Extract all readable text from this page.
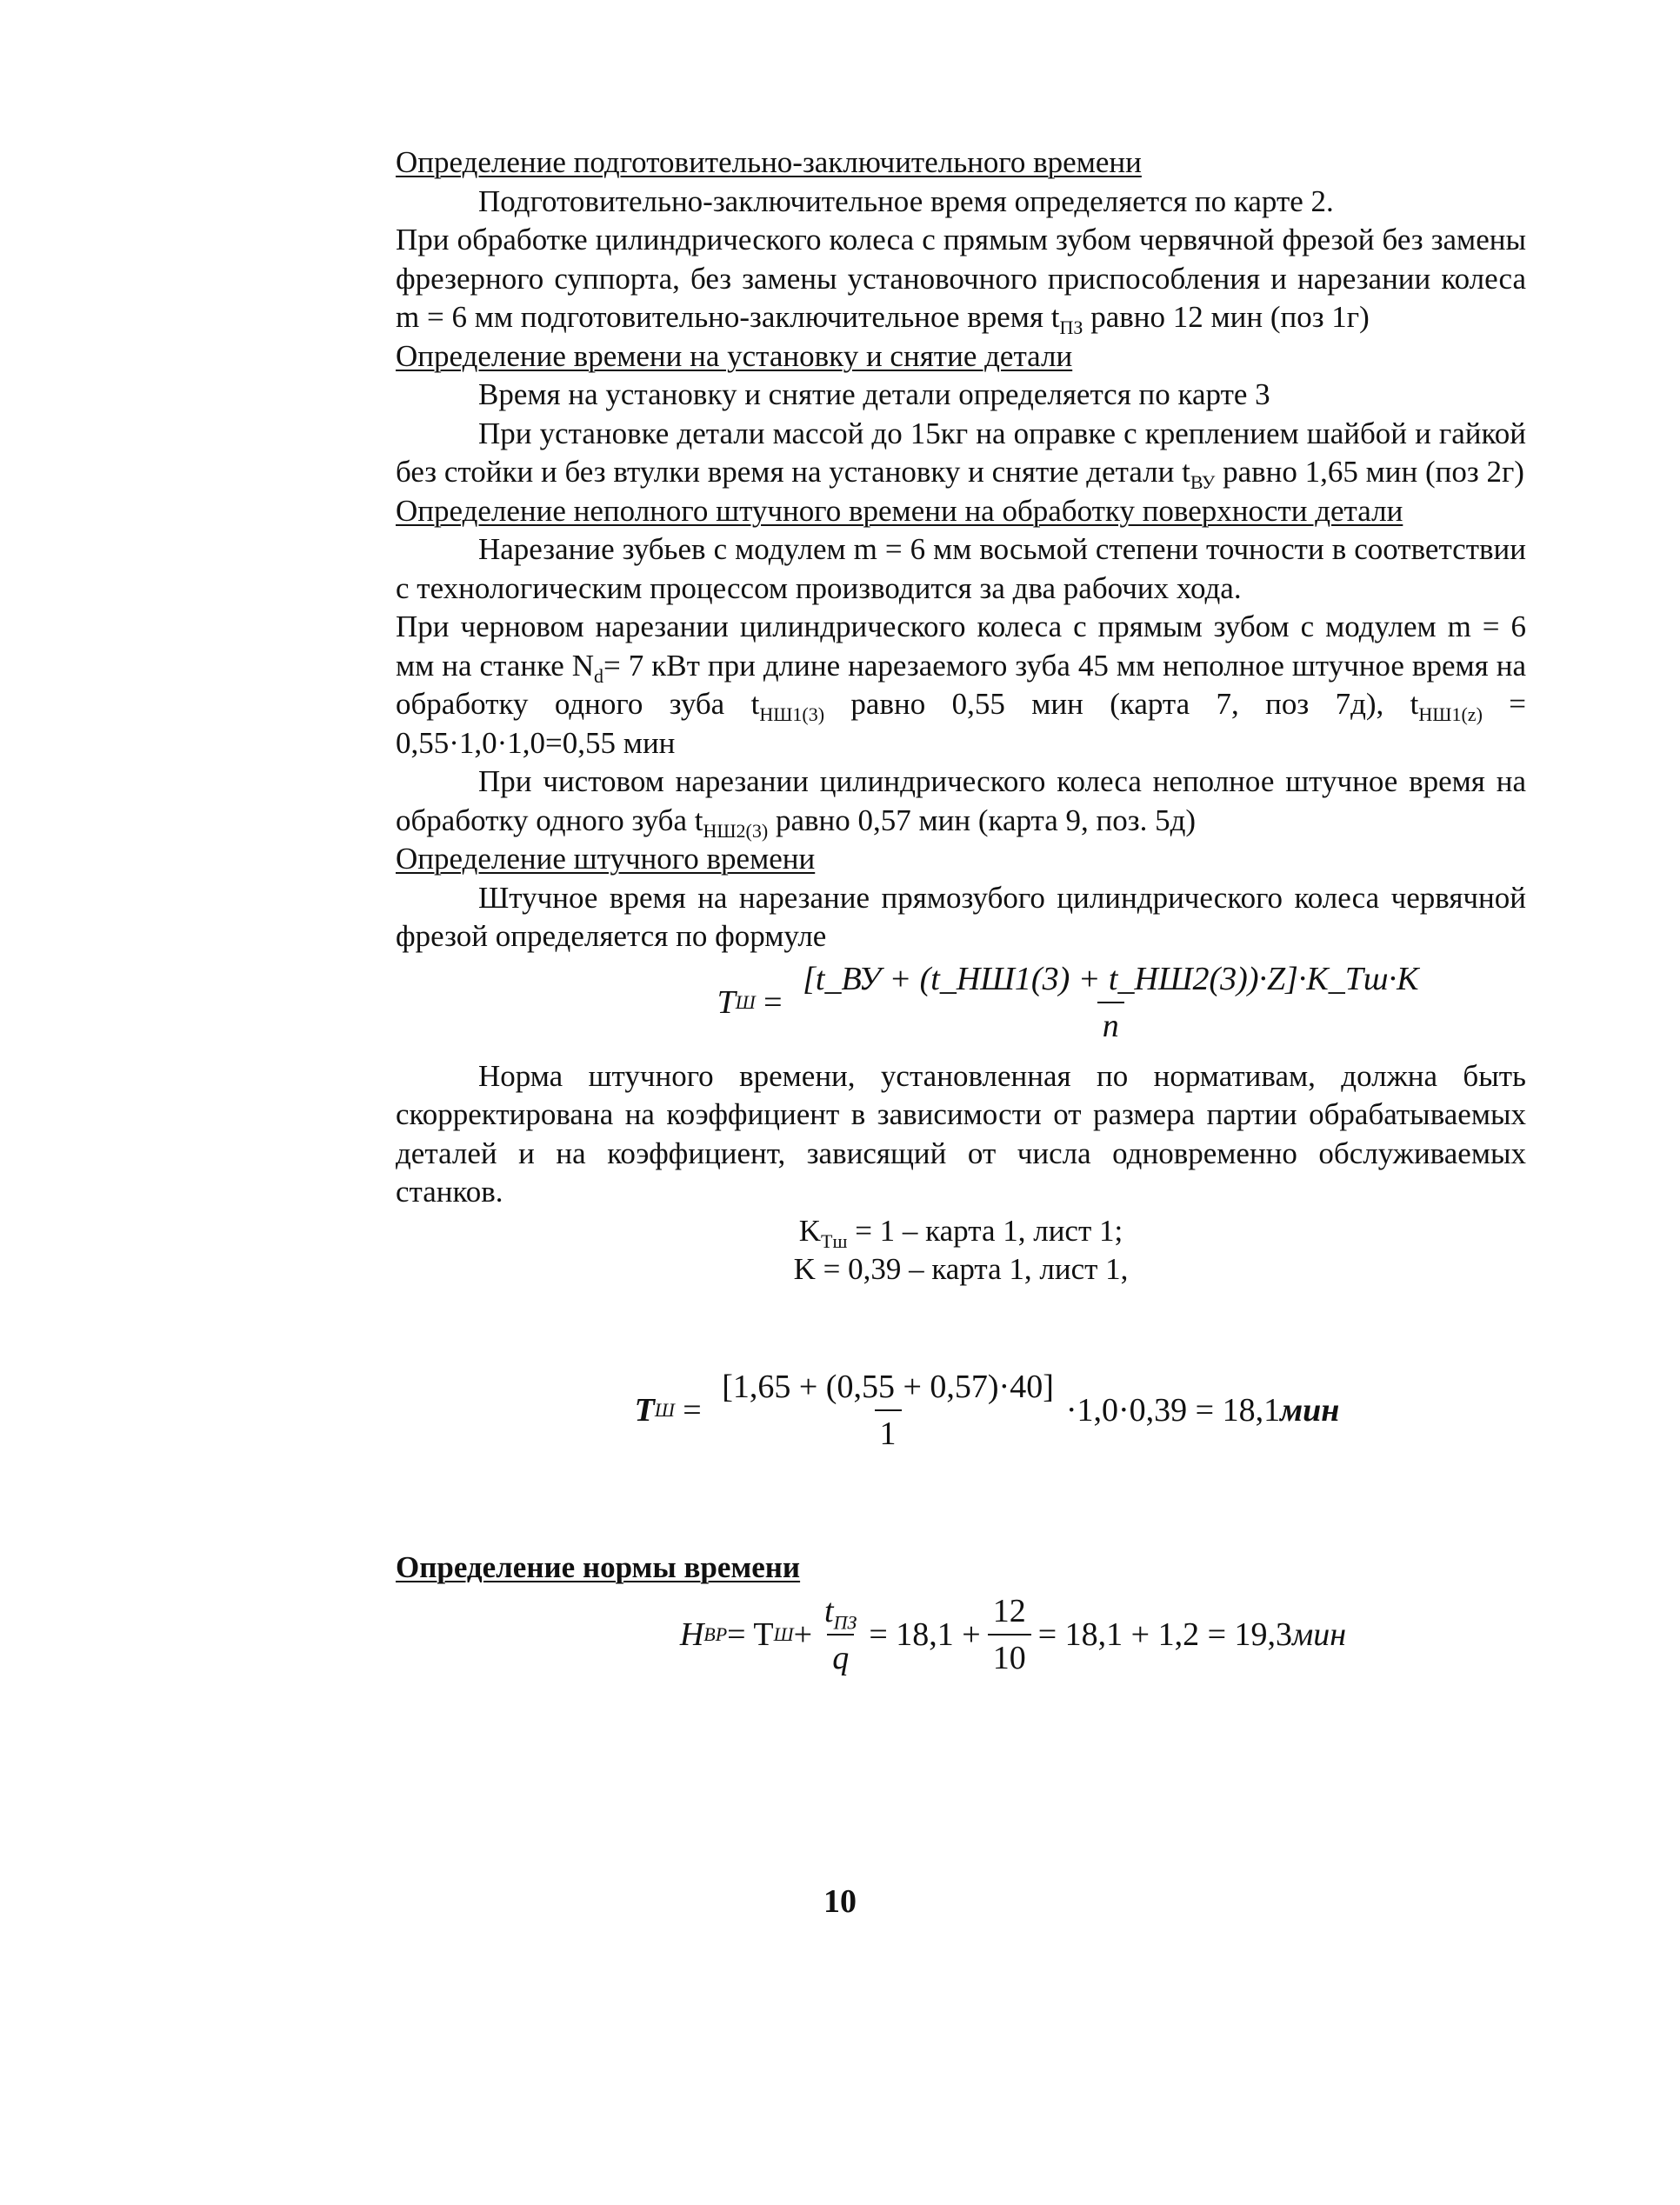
Определение подготовительно-заключительного времени

Подготовительно-заключительное время определяется по карте 2.

При обработке цилиндрического колеса с прямым зубом червячной фрезой без замены фрезерного суппорта, без замены установочного приспособления и нарезании колеса m = 6 мм подготовительно-заключительное время $t_{ПЗ}$ равно 12 мин (поз 1г)

Определение времени на установку и снятие детали

Время на установку и снятие детали определяется по карте 3

При установке детали массой до 15кг на оправке с креплением шайбой и гайкой без стойки и без втулки время на установку и снятие детали $t_{ВУ}$ равно 1,65 мин (поз 2г)

Определение неполного штучного времени на обработку поверхности детали

Нарезание зубьев с модулем m = 6 мм восьмой степени точности в соответствии с технологическим процессом производится за два рабочих хода.

При черновом нарезании цилиндрического колеса с прямым зубом с модулем m = 6 мм на станке $N_d= 7$ кВт при длине нарезаемого зуба 45 мм неполное штучное время на обработку одного зуба $t_{НШ1(3)}$ равно 0,55 мин (карта 7, поз 7д), $t_{НШ1(z)} = 0,55\cdot 1,0\cdot 1,0=0,55$ мин

При чистовом нарезании цилиндрического колеса неполное штучное время на обработку одного зуба $t_{НШ2(3)}$ равно 0,57 мин (карта 9, поз. 5д)

Определение штучного времени

Штучное время на нарезание прямозубого цилиндрического колеса червячной фрезой определяется по формуле

T $Ш = \frac{[t\_ВУ + (t\_НШ1(3) + t\_НШ2(3))\cdot Z]\cdot K\_Tш\cdot K}{n}$

Норма штучного времени, установленная по нормативам, должна быть скорректирована на коэффициент в зависимости от размера партии обрабатываемых деталей и на коэффициент, зависящий от числа одновременно обслуживаемых станков.

$K_{Тш} = 1$ – карта 1, лист 1;

K = 0,39 – карта 1, лист 1,

T $Ш = \frac{[1,65 + (0,55 + 0,57)\cdot 40]}{1} \cdot 1,0\cdot 0,39 = 18,1$ мин

Определение нормы времени

H ВР = T $Ш + \frac{t_{ПЗ}}{q} = 18,1 + \frac{12}{10} = 18,1 + 1,2 = 19,3$ мин
10
